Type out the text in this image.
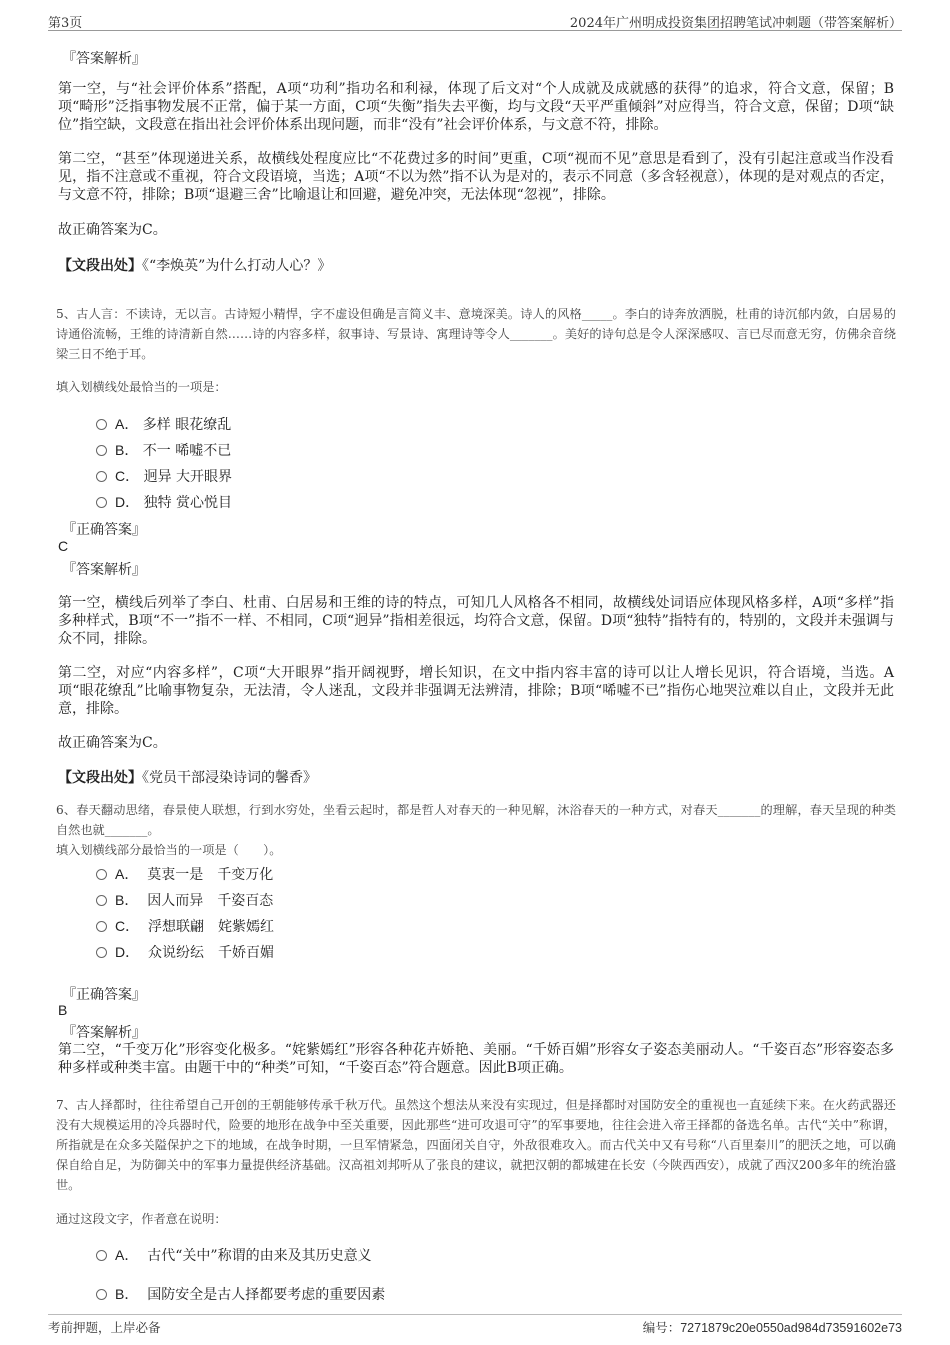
第3页	2024年广州明成投资集团招聘笔试冲刺题（带答案解析）
『答案解析』

第一空，与“社会评价体系”搭配，A项“功利”指功名和利禄，体现了后文对“个人成就及成就感的获得”的追求，符合文意，保留；B项“畸形”泛指事物发展不正常，偏于某一方面，C项“失衡”指失去平衡，均与文段“天平严重倾斜”对应得当，符合文意，保留；D项“缺位”指空缺，文段意在指出社会评价体系出现问题，而非“没有”社会评价体系，与文意不符，排除。

第二空，“甚至”体现递进关系，故横线处程度应比“不花费过多的时间”更重，C项“视而不见”意思是看到了，没有引起注意或当作没看见，指不注意或不重视，符合文段语境，当选；A项“不以为然”指不认为是对的，表示不同意（多含轻视意），体现的是对观点的否定，与文意不符，排除；B项“退避三舍”比喻退让和回避，避免冲突，无法体现“忽视”，排除。

故正确答案为C。

【文段出处】《“李焕英”为什么打动人心？》

5、古人言：不读诗，无以言。古诗短小精悍，字不虚设但确是言简义丰、意境深美。诗人的风格_____。李白的诗奔放洒脱，杜甫的诗沉郁内敛，白居易的诗通俗流畅，王维的诗清新自然……诗的内容多样，叙事诗、写景诗、寓理诗等令人_______。美好的诗句总是令人深深感叹、言已尽而意无穷，仿佛余音绕梁三日不绝于耳。

填入划横线处最恰当的一项是：

A．
多样 眼花缭乱
B．
不一 唏嘘不已
C．
迥异 大开眼界
D．
独特 赏心悦目
『正确答案』
C
『答案解析』

第一空，横线后列举了李白、杜甫、白居易和王维的诗的特点，可知几人风格各不相同，故横线处词语应体现风格多样，A项“多样”指多种样式，B项“不一”指不一样、不相同，C项“迥异”指相差很远，均符合文意，保留。D项“独特”指特有的，特别的，文段并未强调与众不同，排除。

第二空，对应“内容多样”，C项“大开眼界”指开阔视野，增长知识，在文中指内容丰富的诗可以让人增长见识，符合语境，当选。A项“眼花缭乱”比喻事物复杂，无法清，令人迷乱，文段并非强调无法辨清，排除；B项“唏嘘不已”指伤心地哭泣难以自止，文段并无此意，排除。

故正确答案为C。

【文段出处】《党员干部浸染诗词的馨香》

6、春天翻动思绪，春景使人联想，行到水穷处，坐看云起时，都是哲人对春天的一种见解，沐浴春天的一种方式，对春天_______的理解，春天呈现的种类自然也就_______。

填入划横线部分最恰当的一项是（　　）。

A．
莫衷一是　千变万化
B．
因人而异　千姿百态
C．
浮想联翩　姹紫嫣红
D．
众说纷纭　千娇百媚
『正确答案』
B
『答案解析』

第二空，“千变万化”形容变化极多。“姹紫嫣红”形容各种花卉娇艳、美丽。“千娇百媚”形容女子姿态美丽动人。“千姿百态”形容姿态多种多样或种类丰富。由题干中的“种类”可知，“千姿百态”符合题意。因此B项正确。

7、古人择都时，往往希望自己开创的王朝能够传承千秋万代。虽然这个想法从来没有实现过，但是择都时对国防安全的重视也一直延续下来。在火药武器还没有大规模运用的冷兵器时代，险要的地形在战争中至关重要，因此那些“进可攻退可守”的军事要地，往往会进入帝王择都的备选名单。古代“关中”称谓，所指就是在众多关隘保护之下的地域，在战争时期，一旦军情紧急，四面闭关自守，外敌很难攻入。而古代关中又有号称“八百里秦川”的肥沃之地，可以确保自给自足，为防御关中的军事力量提供经济基础。汉高祖刘邦听从了张良的建议，就把汉朝的都城建在长安（今陕西西安），成就了西汉200多年的统治盛世。

通过这段文字，作者意在说明：

A．
古代“关中”称谓的由来及其历史意义
B．
国防安全是古人择都要考虑的重要因素
考前押题，上岸必备	编号：7271879c20e0550ad984d73591602e73
